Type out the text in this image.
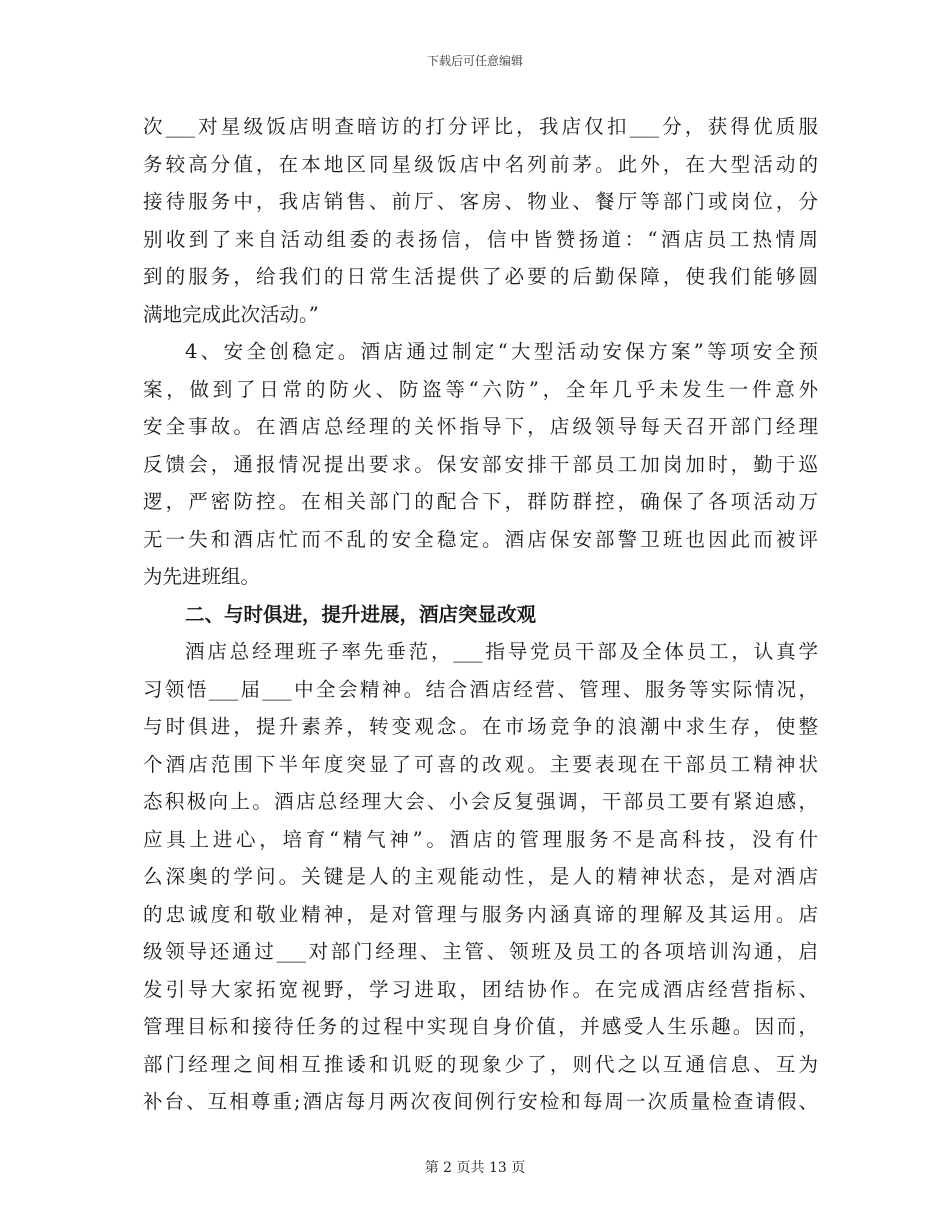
下载后可任意编辑
次___对星级饭店明查暗访的打分评比，我店仅扣___分，获得优质服
务较高分值，在本地区同星级饭店中名列前茅。此外，在大型活动的
接待服务中，我店销售、前厅、客房、物业、餐厅等部门或岗位，分
别收到了来自活动组委的表扬信，信中皆赞扬道：“酒店员工热情周
到的服务，给我们的日常生活提供了必要的后勤保障，使我们能够圆
满地完成此次活动。”
4、安全创稳定。酒店通过制定“大型活动安保方案”等项安全预
案，做到了日常的防火、防盗等“六防”，全年几乎未发生一件意外
安全事故。在酒店总经理的关怀指导下，店级领导每天召开部门经理
反馈会，通报情况提出要求。保安部安排干部员工加岗加时，勤于巡
逻，严密防控。在相关部门的配合下，群防群控，确保了各项活动万
无一失和酒店忙而不乱的安全稳定。酒店保安部警卫班也因此而被评
为先进班组。
二、与时俱进，提升进展，酒店突显改观
酒店总经理班子率先垂范，___指导党员干部及全体员工，认真学
习领悟___届___中全会精神。结合酒店经营、管理、服务等实际情况，
与时俱进，提升素养，转变观念。在市场竞争的浪潮中求生存，使整
个酒店范围下半年度突显了可喜的改观。主要表现在干部员工精神状
态积极向上。酒店总经理大会、小会反复强调，干部员工要有紧迫感，
应具上进心，培育“精气神”。酒店的管理服务不是高科技，没有什
么深奥的学问。关键是人的主观能动性，是人的精神状态，是对酒店
的忠诚度和敬业精神，是对管理与服务内涵真谛的理解及其运用。店
级领导还通过___对部门经理、主管、领班及员工的各项培训沟通，启
发引导大家拓宽视野，学习进取，团结协作。在完成酒店经营指标、
管理目标和接待任务的过程中实现自身价值，并感受人生乐趣。因而，
部门经理之间相互推诿和讥贬的现象少了，则代之以互通信息、互为
补台、互相尊重;酒店每月两次夜间例行安检和每周一次质量检查请假、
第 2 页共 13 页
